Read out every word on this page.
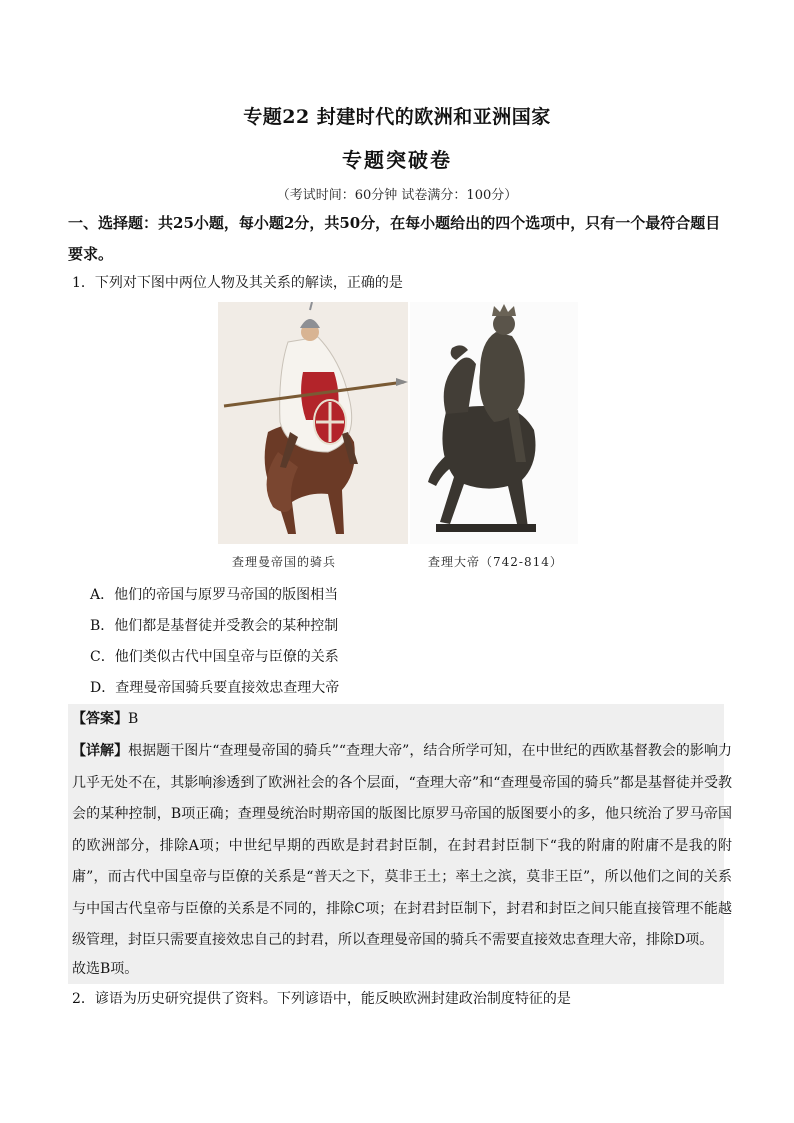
专题22 封建时代的欧洲和亚洲国家
专题突破卷
（考试时间：60分钟 试卷满分：100分）
一、选择题：共25小题，每小题2分，共50分，在每小题给出的四个选项中，只有一个最符合题目要求。
1．下列对下图中两位人物及其关系的解读，正确的是
查理曼帝国的骑兵	查理大帝（742-814）
A．他们的帝国与原罗马帝国的版图相当
B．他们都是基督徒并受教会的某种控制
C．他们类似古代中国皇帝与臣僚的关系
D．查理曼帝国骑兵要直接效忠查理大帝
【答案】B
【详解】根据题干图片“查理曼帝国的骑兵”“查理大帝”，结合所学可知，在中世纪的西欧基督教会的影响力几乎无处不在，其影响渗透到了欧洲社会的各个层面，“查理大帝”和“查理曼帝国的骑兵”都是基督徒并受教会的某种控制，B项正确；查理曼统治时期帝国的版图比原罗马帝国的版图要小的多，他只统治了罗马帝国的欧洲部分，排除A项；中世纪早期的西欧是封君封臣制，在封君封臣制下“我的附庸的附庸不是我的附庸”，而古代中国皇帝与臣僚的关系是“普天之下，莫非王土；率土之滨，莫非王臣”，所以他们之间的关系与中国古代皇帝与臣僚的关系是不同的，排除C项；在封君封臣制下，封君和封臣之间只能直接管理不能越级管理，封臣只需要直接效忠自己的封君，所以查理曼帝国的骑兵不需要直接效忠查理大帝，排除D项。
故选B项。
2．谚语为历史研究提供了资料。下列谚语中，能反映欧洲封建政治制度特征的是
